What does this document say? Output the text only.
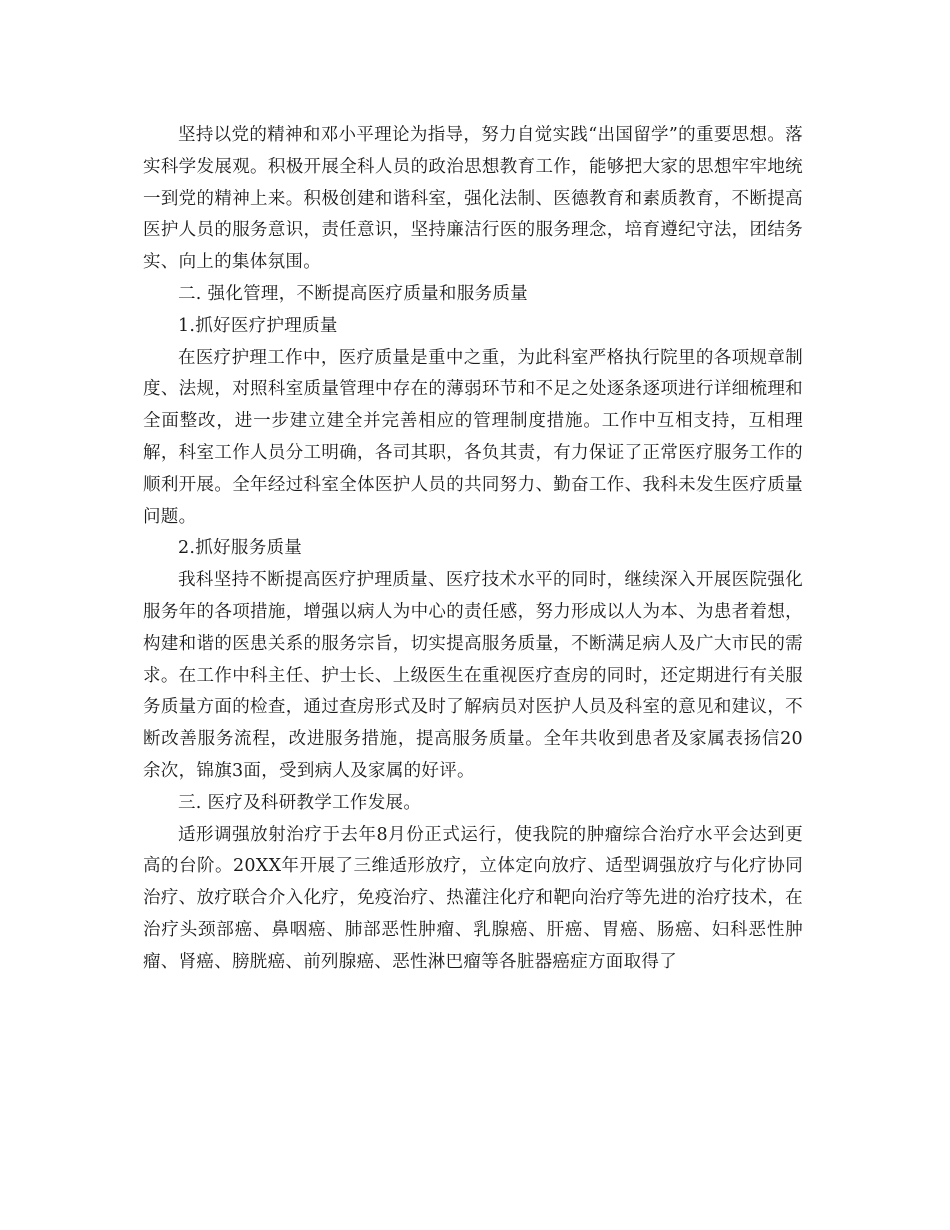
坚持以党的精神和邓小平理论为指导，努力自觉实践“出国留学”的重要思想。落实科学发展观。积极开展全科人员的政治思想教育工作，能够把大家的思想牢牢地统一到党的精神上来。积极创建和谐科室，强化法制、医德教育和素质教育，不断提高医护人员的服务意识，责任意识，坚持廉洁行医的服务理念，培育遵纪守法，团结务实、向上的集体氛围。

二. 强化管理，不断提高医疗质量和服务质量

1.抓好医疗护理质量

在医疗护理工作中，医疗质量是重中之重，为此科室严格执行院里的各项规章制度、法规，对照科室质量管理中存在的薄弱环节和不足之处逐条逐项进行详细梳理和全面整改，进一步建立建全并完善相应的管理制度措施。工作中互相支持，互相理解，科室工作人员分工明确，各司其职，各负其责，有力保证了正常医疗服务工作的顺利开展。全年经过科室全体医护人员的共同努力、勤奋工作、我科未发生医疗质量问题。

2.抓好服务质量

我科坚持不断提高医疗护理质量、医疗技术水平的同时，继续深入开展医院强化服务年的各项措施，增强以病人为中心的责任感，努力形成以人为本、为患者着想，构建和谐的医患关系的服务宗旨，切实提高服务质量，不断满足病人及广大市民的需求。在工作中科主任、护士长、上级医生在重视医疗查房的同时，还定期进行有关服务质量方面的检查，通过查房形式及时了解病员对医护人员及科室的意见和建议，不断改善服务流程，改进服务措施，提高服务质量。全年共收到患者及家属表扬信20余次，锦旗3面，受到病人及家属的好评。

三. 医疗及科研教学工作发展。

适形调强放射治疗于去年8月份正式运行，使我院的肿瘤综合治疗水平会达到更高的台阶。20XX年开展了三维适形放疗，立体定向放疗、适型调强放疗与化疗协同治疗、放疗联合介入化疗，免疫治疗、热灌注化疗和靶向治疗等先进的治疗技术，在治疗头颈部癌、鼻咽癌、肺部恶性肿瘤、乳腺癌、肝癌、胃癌、肠癌、妇科恶性肿瘤、肾癌、膀胱癌、前列腺癌、恶性淋巴瘤等各脏器癌症方面取得了
